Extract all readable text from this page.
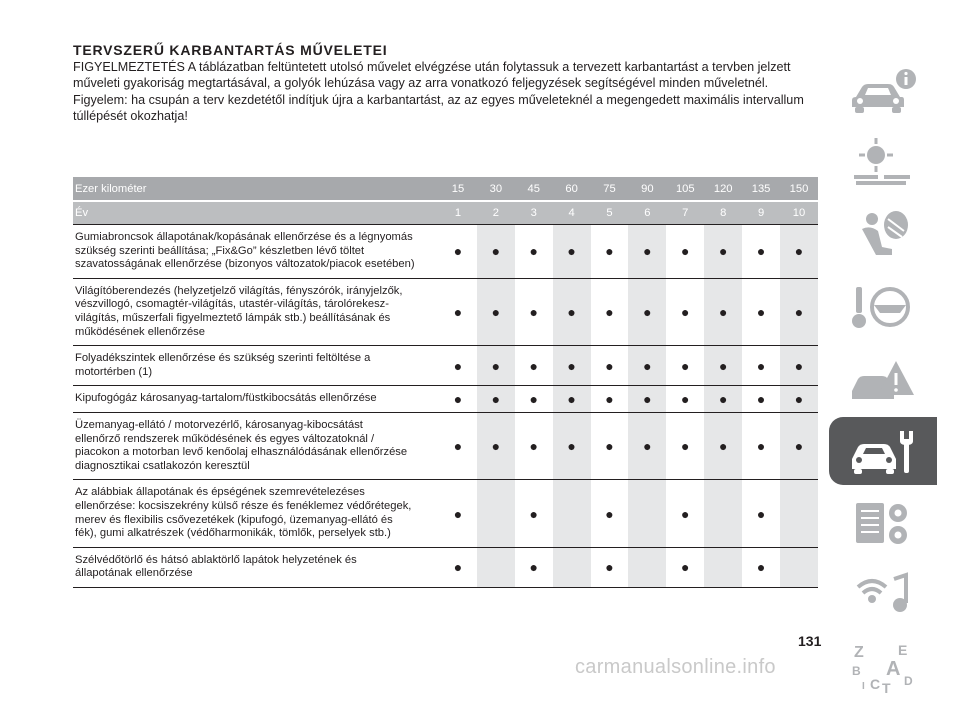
TERVSZERŰ KARBANTARTÁS MŰVELETEI

FIGYELMEZTETÉS A táblázatban feltüntetett utolsó művelet elvégzése után folytassuk a tervezett karbantartást a tervben jelzett műveleti gyakoriság megtartásával, a golyók lehúzása vagy az arra vonatkozó feljegyzések segítségével minden műveletnél.

Figyelem: ha csupán a terv kezdetétől indítjuk újra a karbantartást, az az egyes műveleteknél a megengedett maximális intervallum túllépését okozhatja!

Ezer kilométer	15	30	45	60	75	90	105	120	135	150
Év	1	2	3	4	5	6	7	8	9	10

Gumiabroncsok állapotának/kopásának ellenőrzése és a légnyomás
szükség szerinti beállítása; „Fix&Go” készletben lévő töltet
szavatosságának ellenőrzése (bizonyos változatok/piacok esetében)	●	●	●	●	●	●	●	●	●	●

Világítóberendezés (helyzetjelző világítás, fényszórók, irányjelzők,
vészvillogó, csomagtér-világítás, utastér-világítás, tárolórekesz-
világítás, műszerfali figyelmeztető lámpák stb.) beállításának és
működésének ellenőrzése	●	●	●	●	●	●	●	●	●	●

Folyadékszintek ellenőrzése és szükség szerinti feltöltése a
motortérben (1)	●	●	●	●	●	●	●	●	●	●

Kipufogógáz károsanyag-tartalom/füstkibocsátás ellenőrzése	●	●	●	●	●	●	●	●	●	●

Üzemanyag-ellátó / motorvezérlő, károsanyag-kibocsátást
ellenőrző rendszerek működésének és egyes változatoknál /
piacokon a motorban levő kenőolaj elhasználódásának ellenőrzése
diagnosztikai csatlakozón keresztül	●	●	●	●	●	●	●	●	●	●

Az alábbiak állapotának és épségének szemrevételezéses
ellenőrzése: kocsiszekrény külső része és fenéklemez védőrétegek,
merev és flexibilis csővezetékek (kipufogó, üzemanyag-ellátó és
fék), gumi alkatrészek (védőharmonikák, tömlők, perselyek stb.)	●		●		●		●		●	

Szélvédőtörlő és hátsó ablaktörlő lapátok helyzetének és
állapotának ellenőrzése	●		●		●		●		●	
131
carmanualsonline.info
Z E
B A
I C T D
